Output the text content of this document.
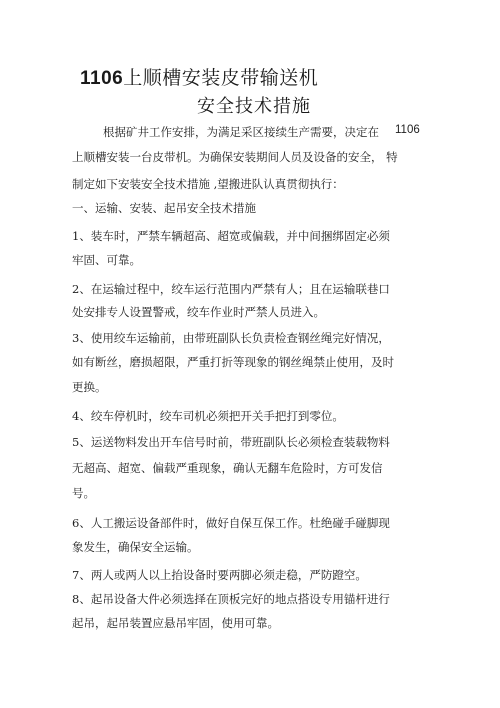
1106上顺槽安装皮带输送机
安全技术措施
根据矿井工作安排，为满足采区接续生产需要，决定在 1106
上顺槽安装一台皮带机。为确保安装期间人员及设备的安全， 特
制定如下安装安全技术措施 ,望搬进队认真贯彻执行：
一、运输、安装、起吊安全技术措施
1、装车时，严禁车辆超高、超宽或偏载，并中间捆绑固定必须
牢固、可靠。
2、在运输过程中，绞车运行范围内严禁有人；且在运输联巷口
处安排专人设置警戒，绞车作业时严禁人员进入。
3、使用绞车运输前，由带班副队长负责检查钢丝绳完好情况，
如有断丝，磨损超限，严重打折等现象的钢丝绳禁止使用，及时
更换。
4、绞车停机时，绞车司机必须把开关手把打到零位。
5、运送物料发出开车信号时前，带班副队长必须检查装载物料
无超高、超宽、偏载严重现象，确认无翻车危险时，方可发信
号。
6、人工搬运设备部件时，做好自保互保工作。杜绝碰手碰脚现
象发生，确保安全运输。
7、两人或两人以上抬设备时要两脚必须走稳，严防蹬空。
8、起吊设备大件必须选择在顶板完好的地点搭设专用锚杆进行
起吊，起吊装置应悬吊牢固，使用可靠。
